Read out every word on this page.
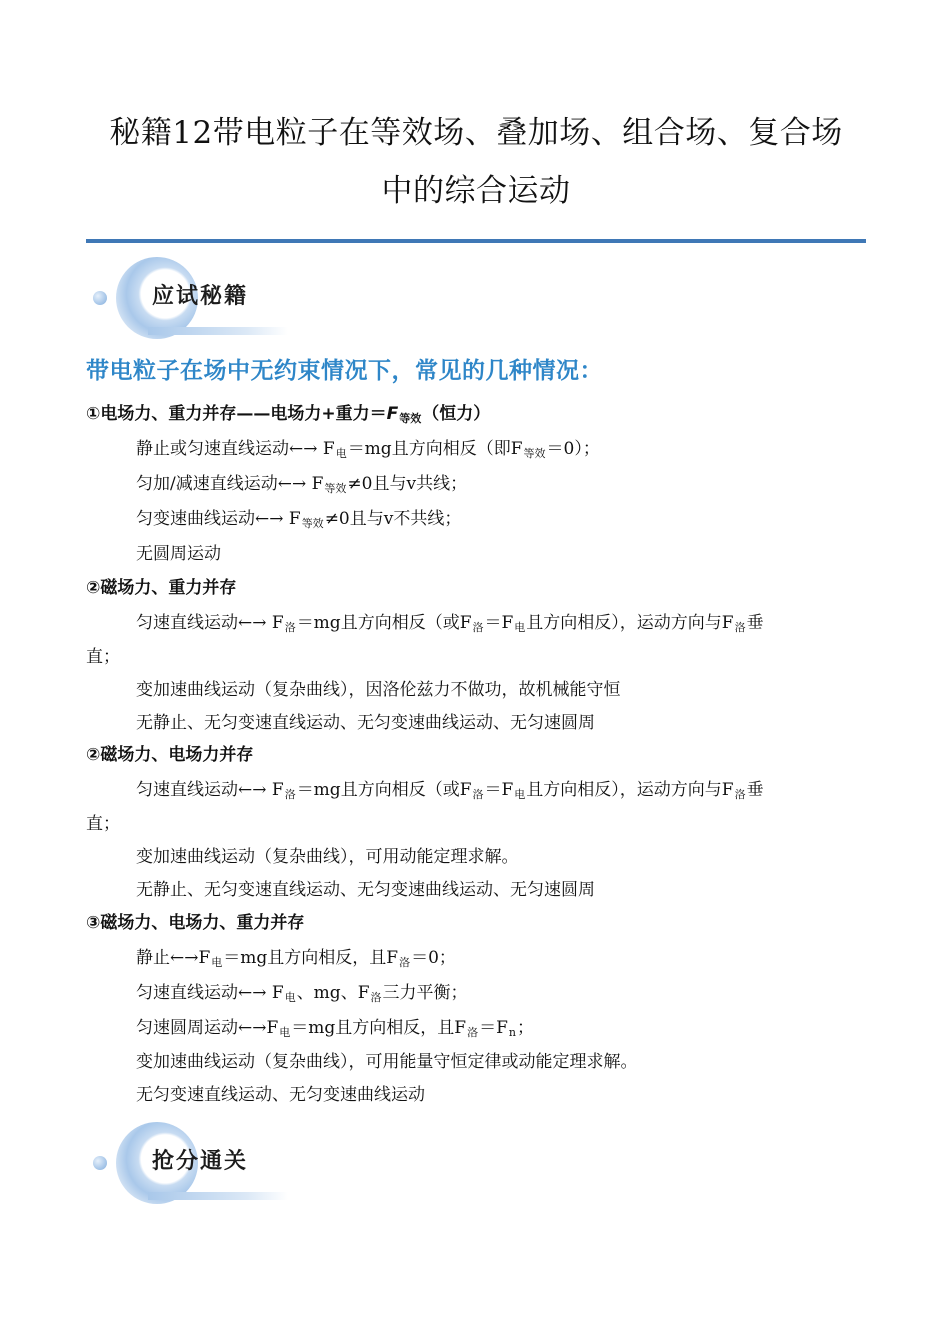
秘籍12带电粒子在等效场、叠加场、组合场、复合场
中的综合运动
应试秘籍
带电粒子在场中无约束情况下，常见的几种情况：
①电场力、重力并存——电场力+重力＝F等效（恒力）
静止或匀速直线运动←→ F电＝mg且方向相反（即F等效＝0）；
匀加/减速直线运动←→ F等效≠0且与v共线；
匀变速曲线运动←→ F等效≠0且与v不共线；
无圆周运动
②磁场力、重力并存
匀速直线运动←→ F洛＝mg且方向相反（或F洛＝F电且方向相反），运动方向与F洛垂
直；
变加速曲线运动（复杂曲线），因洛伦兹力不做功，故机械能守恒
无静止、无匀变速直线运动、无匀变速曲线运动、无匀速圆周
②磁场力、电场力并存
匀速直线运动←→ F洛＝mg且方向相反（或F洛＝F电且方向相反），运动方向与F洛垂
直；
变加速曲线运动（复杂曲线），可用动能定理求解。
无静止、无匀变速直线运动、无匀变速曲线运动、无匀速圆周
③磁场力、电场力、重力并存
静止←→F电＝mg且方向相反，且F洛＝0；
匀速直线运动←→ F电、mg、F洛三力平衡；
匀速圆周运动←→F电＝mg且方向相反，且F洛＝Fn；
变加速曲线运动（复杂曲线），可用能量守恒定律或动能定理求解。
无匀变速直线运动、无匀变速曲线运动
抢分通关
